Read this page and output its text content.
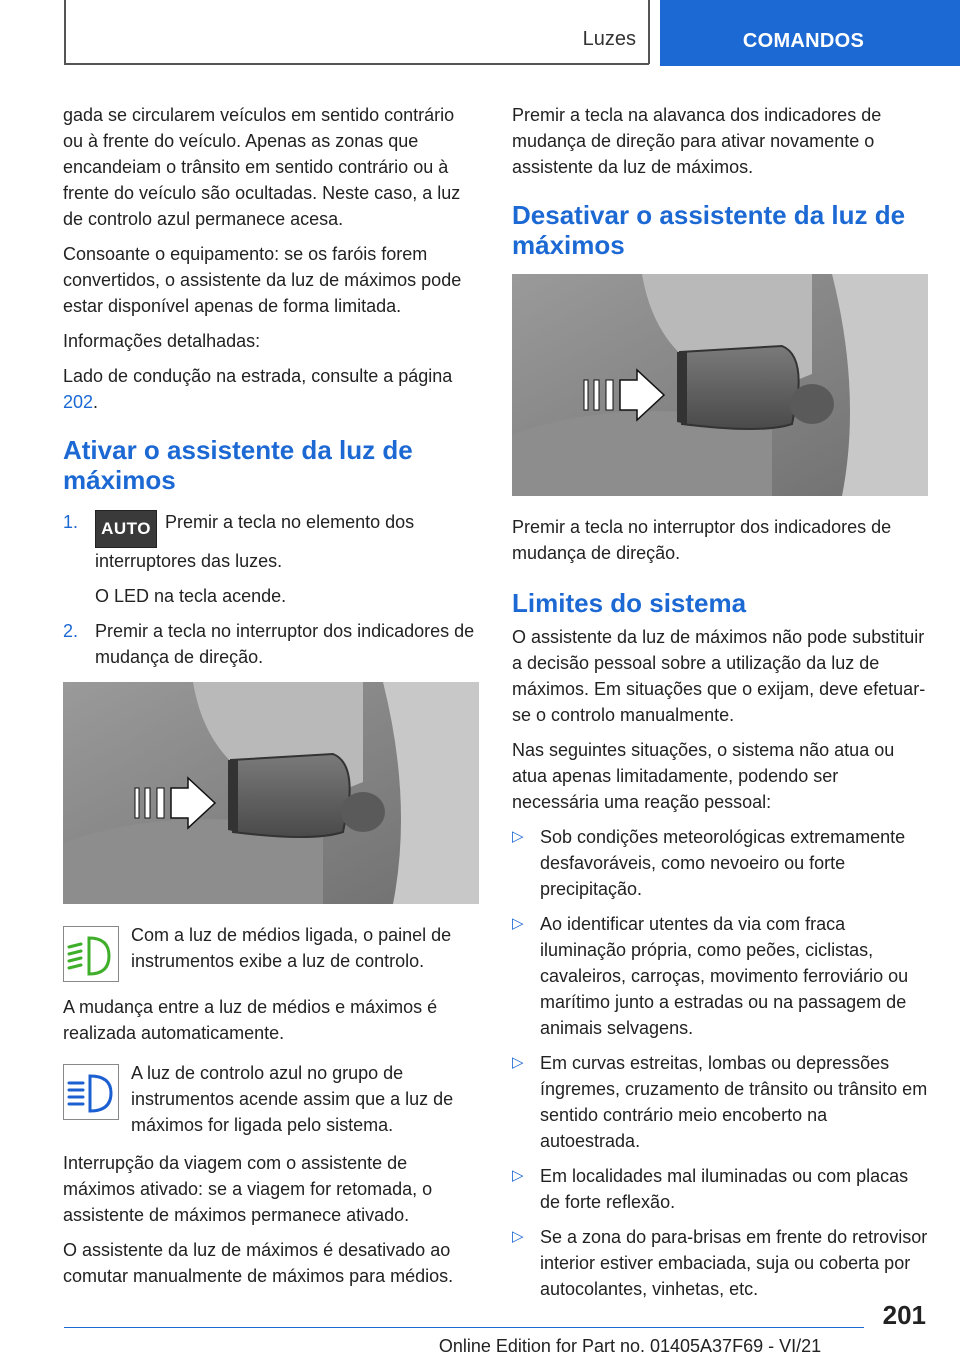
Luzes	COMANDOS

gada se circularem veículos em sentido contrário ou à frente do veículo. Apenas as zonas que encandeiam o trânsito em sentido contrário ou à frente do veículo são ocultadas. Neste caso, a luz de controlo azul permanece acesa.

Consoante o equipamento: se os faróis forem convertidos, o assistente da luz de máximos pode estar disponível apenas de forma limitada.

Informações detalhadas:

Lado de condução na estrada, consulte a página 202.

Ativar o assistente da luz de máximos
1. AUTO Premir a tecla no elemento dos interruptores das luzes.
O LED na tecla acende.
2. Premir a tecla no interruptor dos indicadores de mudança de direção.
Com a luz de médios ligada, o painel de instrumentos exibe a luz de controlo.

A mudança entre a luz de médios e máximos é realizada automaticamente.

A luz de controlo azul no grupo de instrumentos acende assim que a luz de máximos for ligada pelo sistema.

Interrupção da viagem com o assistente de máximos ativado: se a viagem for retomada, o assistente de máximos permanece ativado.

O assistente da luz de máximos é desativado ao comutar manualmente de máximos para médios.

Premir a tecla na alavanca dos indicadores de mudança de direção para ativar novamente o assistente da luz de máximos.

Desativar o assistente da luz de máximos

Premir a tecla no interruptor dos indicadores de mudança de direção.

Limites do sistema

O assistente da luz de máximos não pode substituir a decisão pessoal sobre a utilização da luz de máximos. Em situações que o exijam, deve efetuar-se o controlo manualmente.

Nas seguintes situações, o sistema não atua ou atua apenas limitadamente, podendo ser necessária uma reação pessoal:

▷ Sob condições meteorológicas extremamente desfavoráveis, como nevoeiro ou forte precipitação.
▷ Ao identificar utentes da via com fraca iluminação própria, como peões, ciclistas, cavaleiros, carroças, movimento ferroviário ou marítimo junto a estradas ou na passagem de animais selvagens.
▷ Em curvas estreitas, lombas ou depressões íngremes, cruzamento de trânsito ou trânsito em sentido contrário meio encoberto na autoestrada.
▷ Em localidades mal iluminadas ou com placas de forte reflexão.
▷ Se a zona do para-brisas em frente do retrovisor interior estiver embaciada, suja ou coberta por autocolantes, vinhetas, etc.
201
Online Edition for Part no. 01405A37F69 - VI/21
